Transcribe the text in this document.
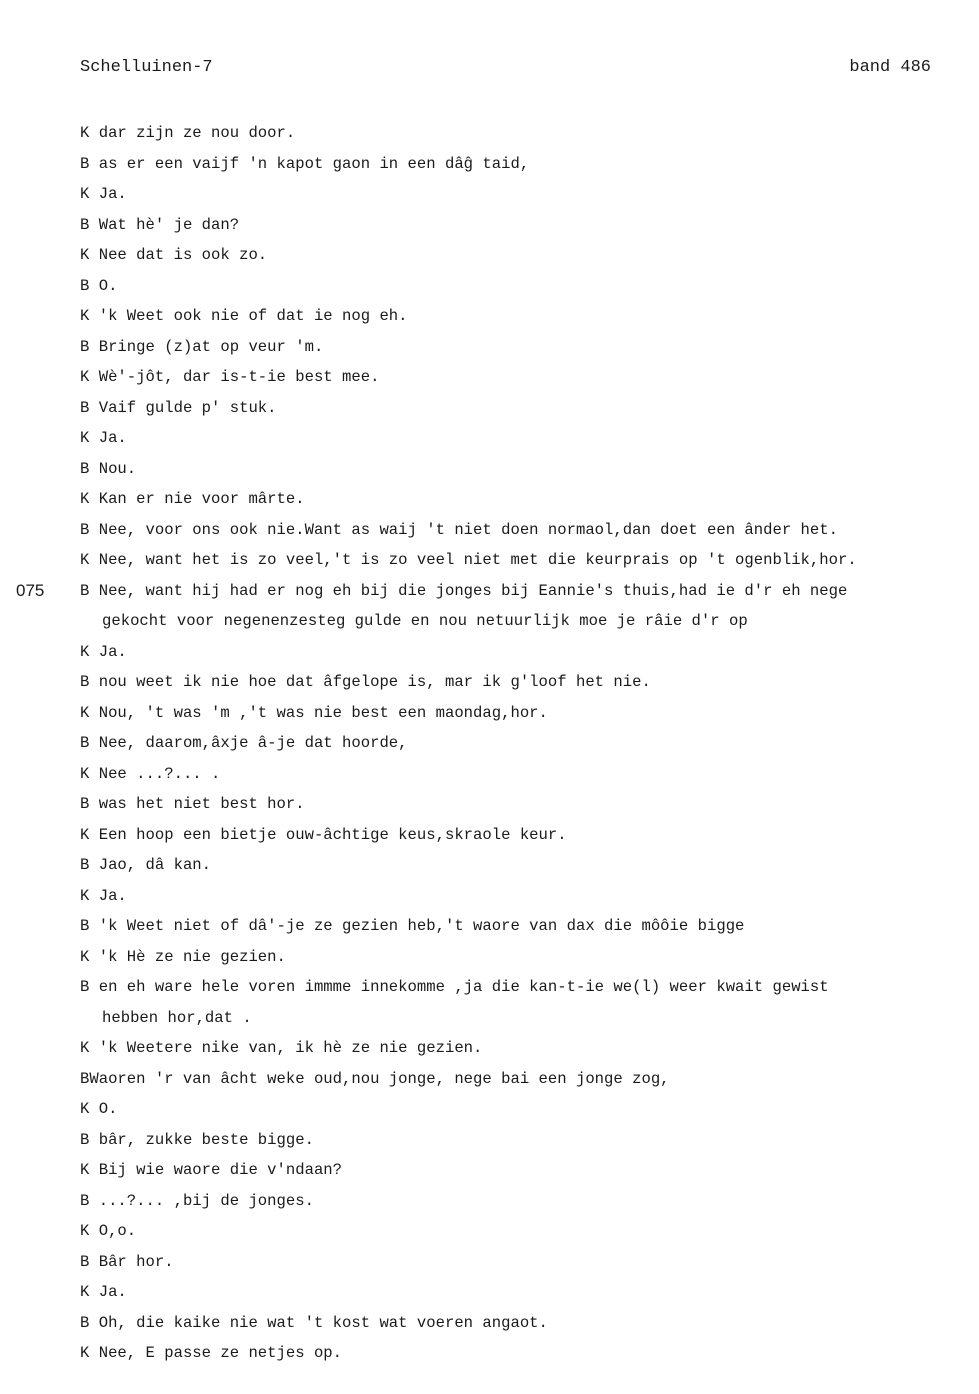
Schelluinen-7	band 486
K dar zijn ze nou door.
B as er een vaijf 'n kapot gaon in een dâĝ taid,
K Ja.
B Wat hè' je dan?
K Nee dat is ook zo.
B O.
K 'k Weet ook nie of dat ie nog eh.
B Bringe (z)at op veur 'm.
K Wè'-jôt, dar is-t-ie best mee.
B Vaif gulde p' stuk.
K Ja.
B Nou.
K Kan er nie voor mârte.
B Nee, voor ons ook nie.Want as waij 't niet doen normaol,dan doet een ânder het.
K Nee, want het is zo veel,'t is zo veel niet met die keurprais op 't ogenblik,hor.
075 B Nee, want hij had er nog eh bij die jonges bij Eannie's thuis,had ie d'r eh nege
gekocht voor negenenzesteg gulde en nou netuurlijk moe je râie d'r op
K Ja.
B nou weet ik nie hoe dat âfgelope is, mar ik g'loof het nie.
K Nou, 't was 'm ,'t was nie best een maondag,hor.
B Nee, daarom,âxje â-je dat hoorde,
K Nee ...?... .
B was het niet best hor.
K Een hoop een bietje ouw-âchtige keus,skraole keur.
B Jao, dâ kan.
K Ja.
B 'k Weet niet of dâ'-je ze gezien heb,'t waore van dax die môôie bigge
K 'k Hè ze nie gezien.
B en eh ware hele voren immme innekomme ,ja die kan-t-ie we(l) weer kwait gewist
hebben hor,dat .
K 'k Weetere nike van, ik hè ze nie gezien.
BWaoren 'r van âcht weke oud,nou jonge, nege bai een jonge zog,
K O.
B bâr, zukke beste bigge.
K Bij wie waore die v'ndaan?
B ...?... ,bij de jonges.
K O,o.
B Bâr hor.
K Ja.
B Oh, die kaike nie wat 't kost wat voeren angaot.
K Nee, E passe ze netjes op.
